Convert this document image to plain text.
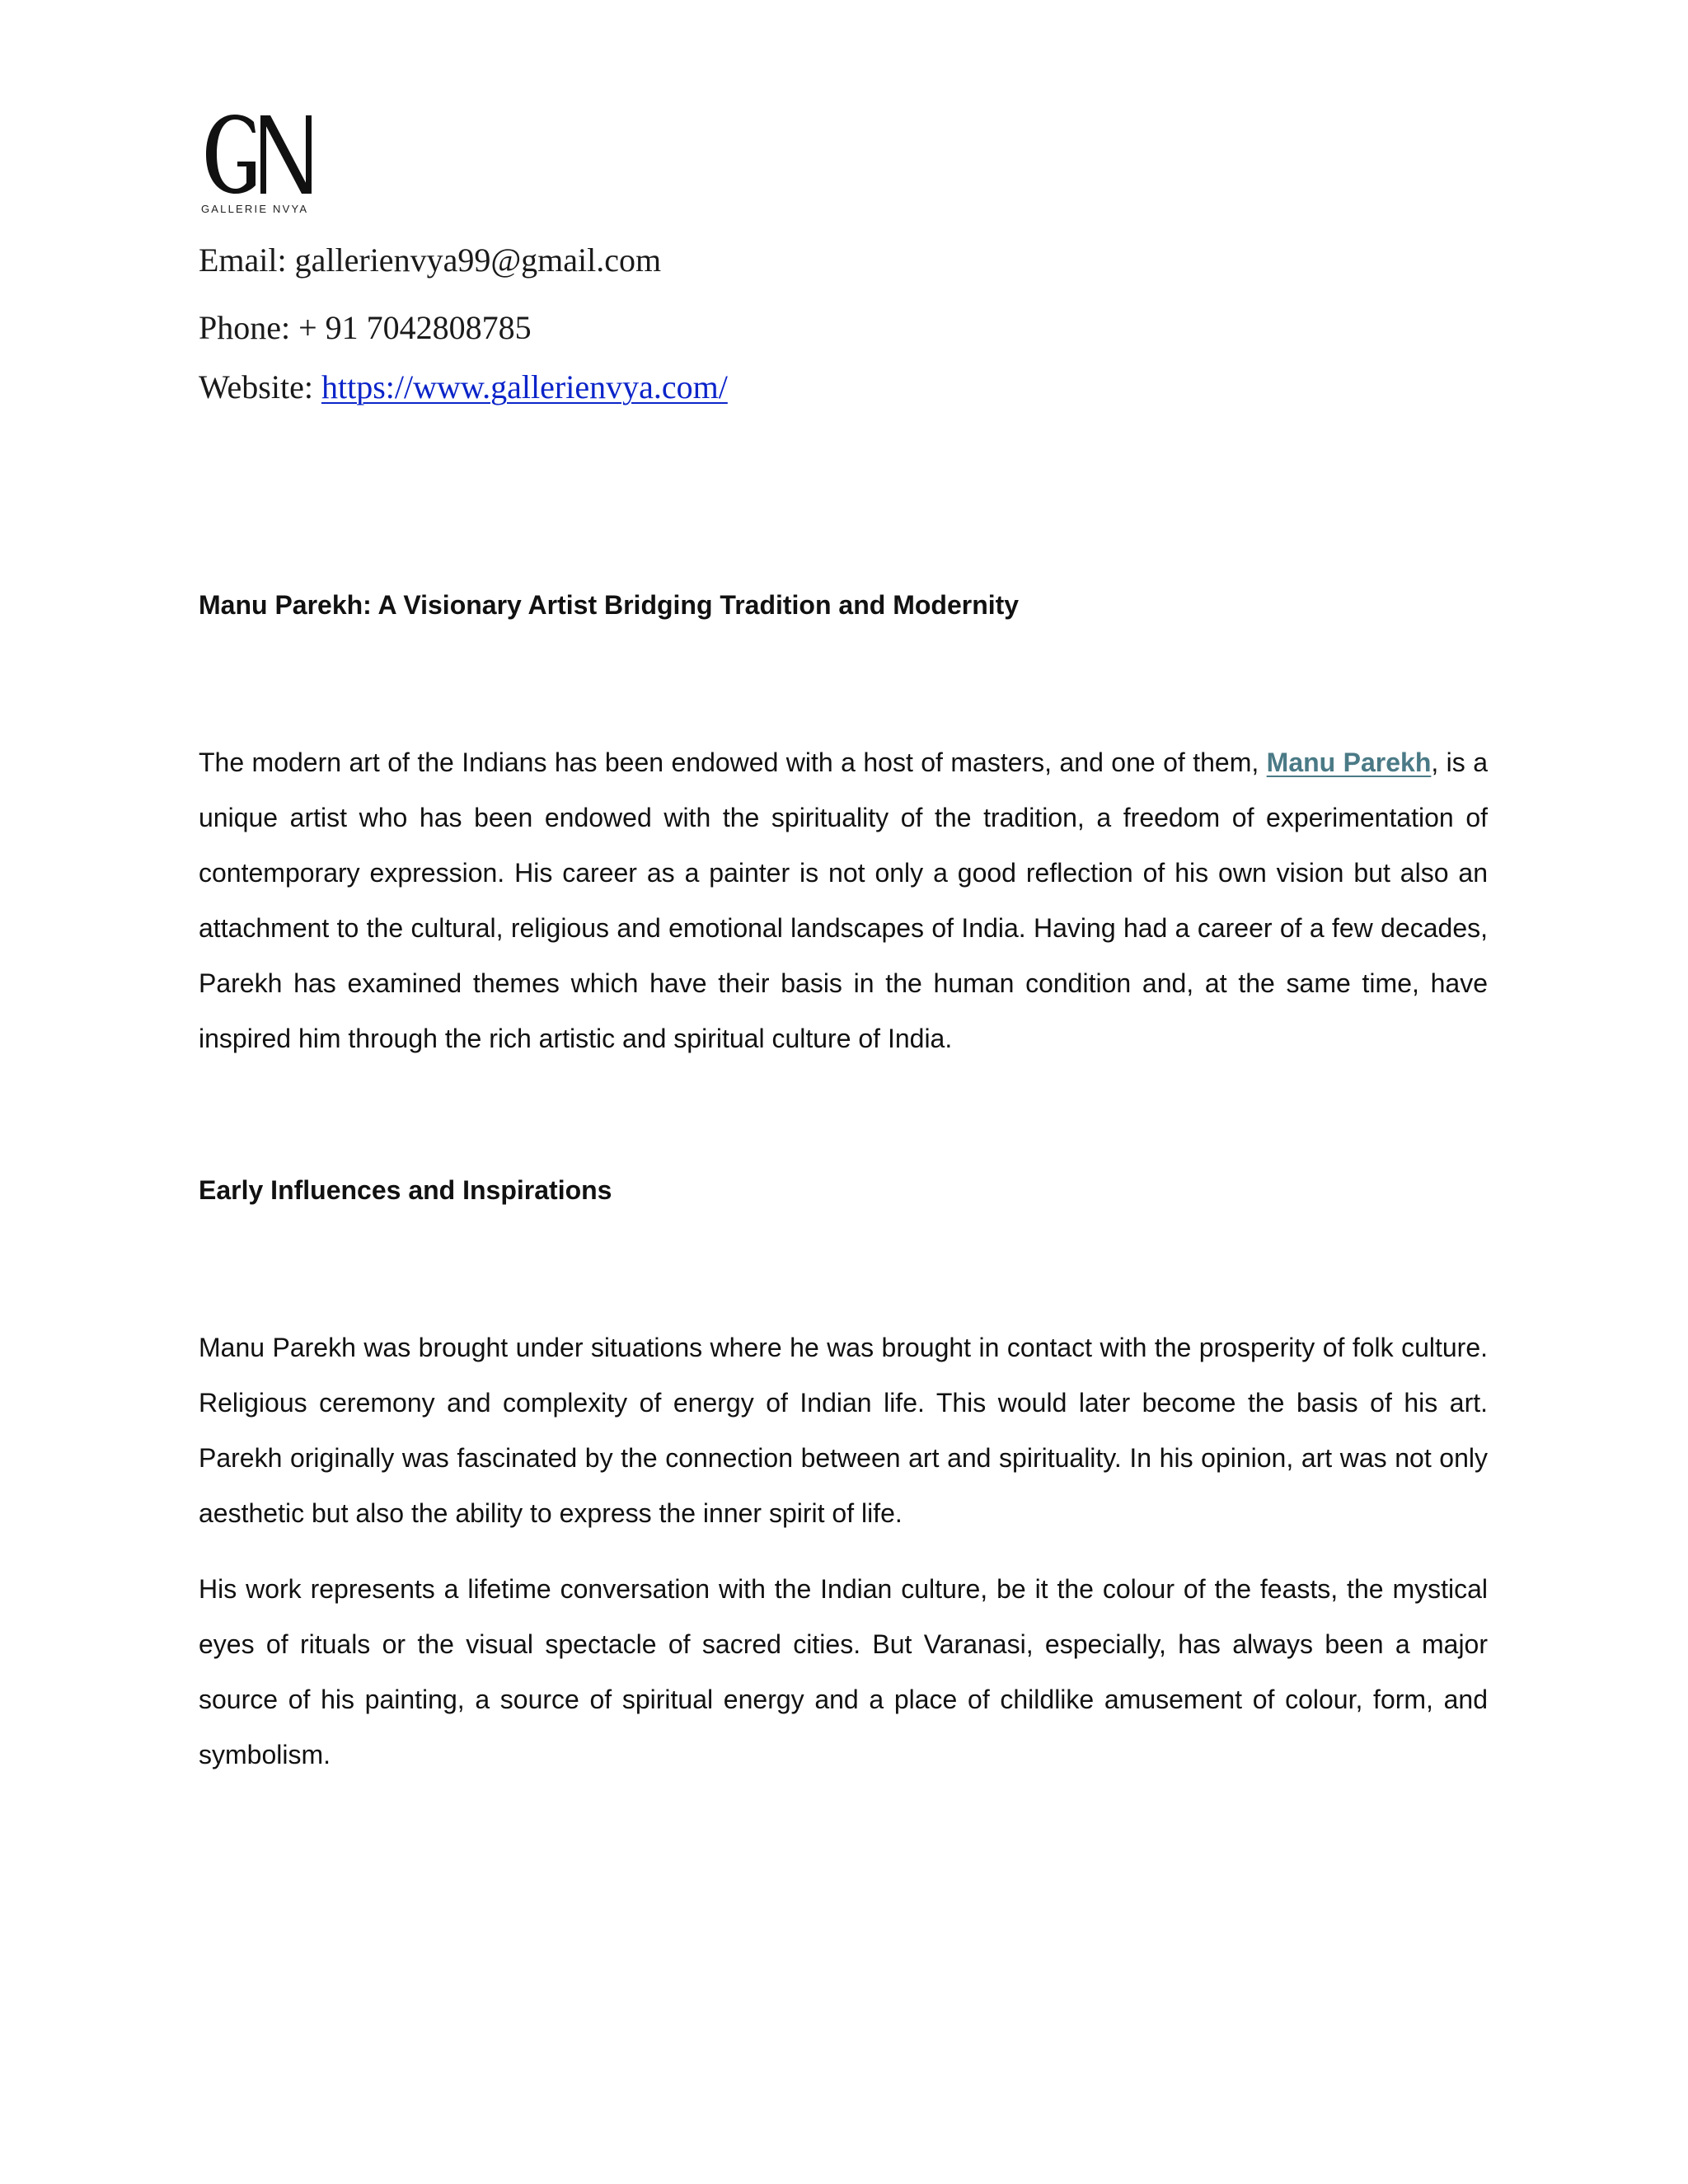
GALLERIE NVYA
Email: gallerienvya99@gmail.com
Phone: + 91 7042808785
Website: https://www.gallerienvya.com/
Manu Parekh: A Visionary Artist Bridging Tradition and Modernity

The modern art of the Indians has been endowed with a host of masters, and one of them, Manu Parekh, is a unique artist who has been endowed with the spirituality of the tradition, a freedom of experimentation of contemporary expression. His career as a painter is not only a good reflection of his own vision but also an attachment to the cultural, religious and emotional landscapes of India. Having had a career of a few decades, Parekh has examined themes which have their basis in the human condition and, at the same time, have inspired him through the rich artistic and spiritual culture of India.

Early Influences and Inspirations

Manu Parekh was brought under situations where he was brought in contact with the prosperity of folk culture. Religious ceremony and complexity of energy of Indian life. This would later become the basis of his art. Parekh originally was fascinated by the connection between art and spirituality. In his opinion, art was not only aesthetic but also the ability to express the inner spirit of life.

His work represents a lifetime conversation with the Indian culture, be it the colour of the feasts, the mystical eyes of rituals or the visual spectacle of sacred cities. But Varanasi, especially, has always been a major source of his painting, a source of spiritual energy and a place of childlike amusement of colour, form, and symbolism.
